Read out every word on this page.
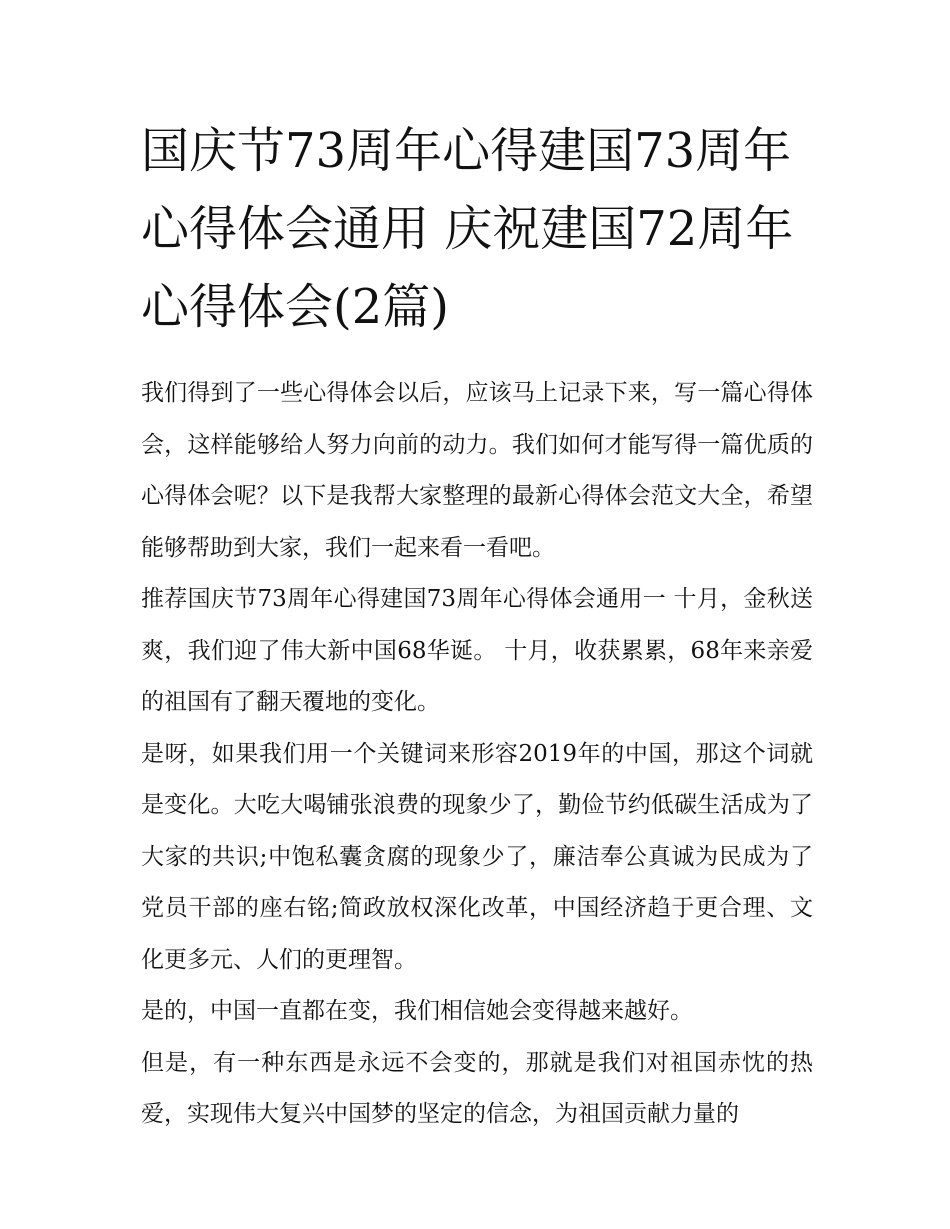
国庆节73周年心得建国73周年心得体会通用 庆祝建国72周年心得体会(2篇)

我们得到了一些心得体会以后，应该马上记录下来，写一篇心得体会，这样能够给人努力向前的动力。我们如何才能写得一篇优质的心得体会呢？以下是我帮大家整理的最新心得体会范文大全，希望能够帮助到大家，我们一起来看一看吧。

推荐国庆节73周年心得建国73周年心得体会通用一 十月，金秋送爽，我们迎了伟大新中国68华诞。 十月，收获累累，68年来亲爱的祖国有了翻天覆地的变化。

是呀，如果我们用一个关键词来形容2019年的中国，那这个词就是变化。大吃大喝铺张浪费的现象少了，勤俭节约低碳生活成为了大家的共识;中饱私囊贪腐的现象少了，廉洁奉公真诚为民成为了党员干部的座右铭;简政放权深化改革，中国经济趋于更合理、文化更多元、人们的更理智。

是的，中国一直都在变，我们相信她会变得越来越好。

但是，有一种东西是永远不会变的，那就是我们对祖国赤忱的热爱，实现伟大复兴中国梦的坚定的信念，为祖国贡献力量的
